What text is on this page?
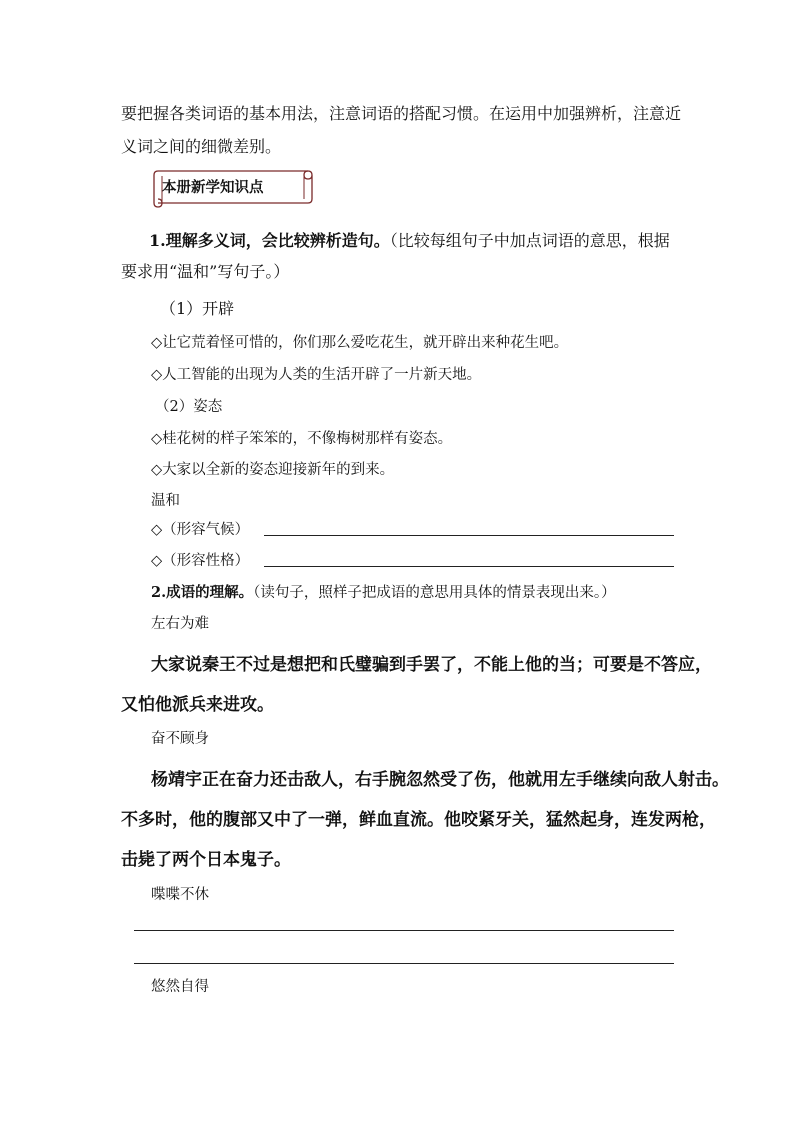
要把握各类词语的基本用法，注意词语的搭配习惯。在运用中加强辨析，注意近
义词之间的细微差别。
本册新学知识点
1.理解多义词，会比较辨析造句。（比较每组句子中加点词语的意思，根据
要求用“温和”写句子。）
（1）开辟
◇让它荒着怪可惜的，你们那么爱吃花生，就开辟出来种花生吧。
◇人工智能的出现为人类的生活开辟了一片新天地。
（2）姿态
◇桂花树的样子笨笨的，不像梅树那样有姿态。
◇大家以全新的姿态迎接新年的到来。
温和
◇（形容气候）
◇（形容性格）
2.成语的理解。（读句子，照样子把成语的意思用具体的情景表现出来。）
左右为难
大家说秦王不过是想把和氏璧骗到手罢了，不能上他的当；可要是不答应，
又怕他派兵来进攻。
奋不顾身
杨靖宇正在奋力还击敌人，右手腕忽然受了伤，他就用左手继续向敌人射击。
不多时，他的腹部又中了一弹，鲜血直流。他咬紧牙关，猛然起身，连发两枪，
击毙了两个日本鬼子。
喋喋不休
悠然自得
